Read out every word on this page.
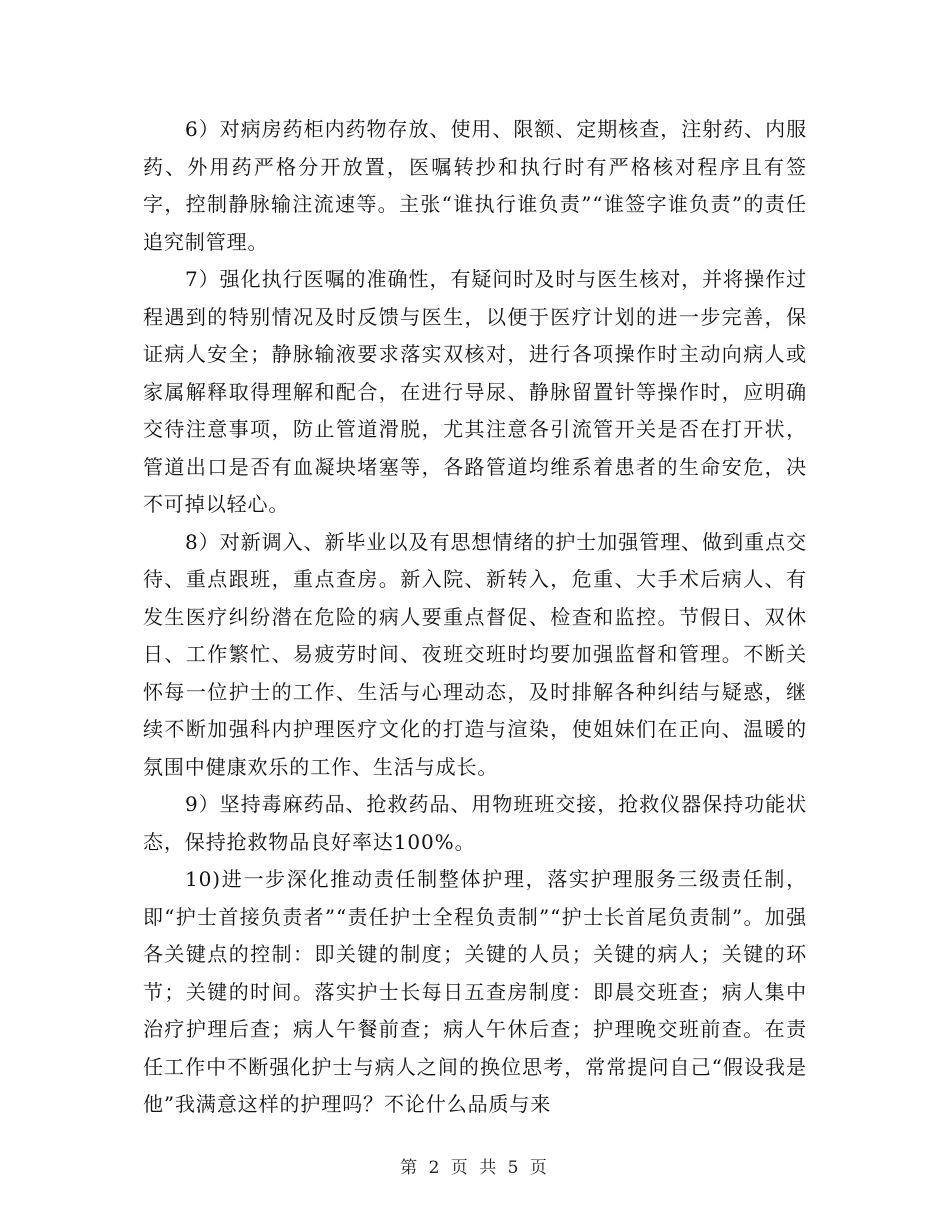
6）对病房药柜内药物存放、使用、限额、定期核查，注射药、内服药、外用药严格分开放置，医嘱转抄和执行时有严格核对程序且有签字，控制静脉输注流速等。主张“谁执行谁负责”“谁签字谁负责”的责任追究制管理。

7）强化执行医嘱的准确性，有疑问时及时与医生核对，并将操作过程遇到的特别情况及时反馈与医生，以便于医疗计划的进一步完善，保证病人安全；静脉输液要求落实双核对，进行各项操作时主动向病人或家属解释取得理解和配合，在进行导尿、静脉留置针等操作时，应明确交待注意事项，防止管道滑脱，尤其注意各引流管开关是否在打开状，管道出口是否有血凝块堵塞等，各路管道均维系着患者的生命安危，决不可掉以轻心。

8）对新调入、新毕业以及有思想情绪的护士加强管理、做到重点交待、重点跟班，重点查房。新入院、新转入，危重、大手术后病人、有发生医疗纠纷潜在危险的病人要重点督促、检查和监控。节假日、双休日、工作繁忙、易疲劳时间、夜班交班时均要加强监督和管理。不断关怀每一位护士的工作、生活与心理动态，及时排解各种纠结与疑惑，继续不断加强科内护理医疗文化的打造与渲染，使姐妹们在正向、温暖的氛围中健康欢乐的工作、生活与成长。

9）坚持毒麻药品、抢救药品、用物班班交接，抢救仪器保持功能状态，保持抢救物品良好率达100%。

10)进一步深化推动责任制整体护理，落实护理服务三级责任制，即“护士首接负责者”“责任护士全程负责制”“护士长首尾负责制”。加强各关键点的控制：即关键的制度；关键的人员；关键的病人；关键的环节；关键的时间。落实护士长每日五查房制度：即晨交班查；病人集中治疗护理后查；病人午餐前查；病人午休后查；护理晚交班前查。在责任工作中不断强化护士与病人之间的换位思考，常常提问自己“假设我是他”我满意这样的护理吗？不论什么品质与来

第 2 页 共 5 页
